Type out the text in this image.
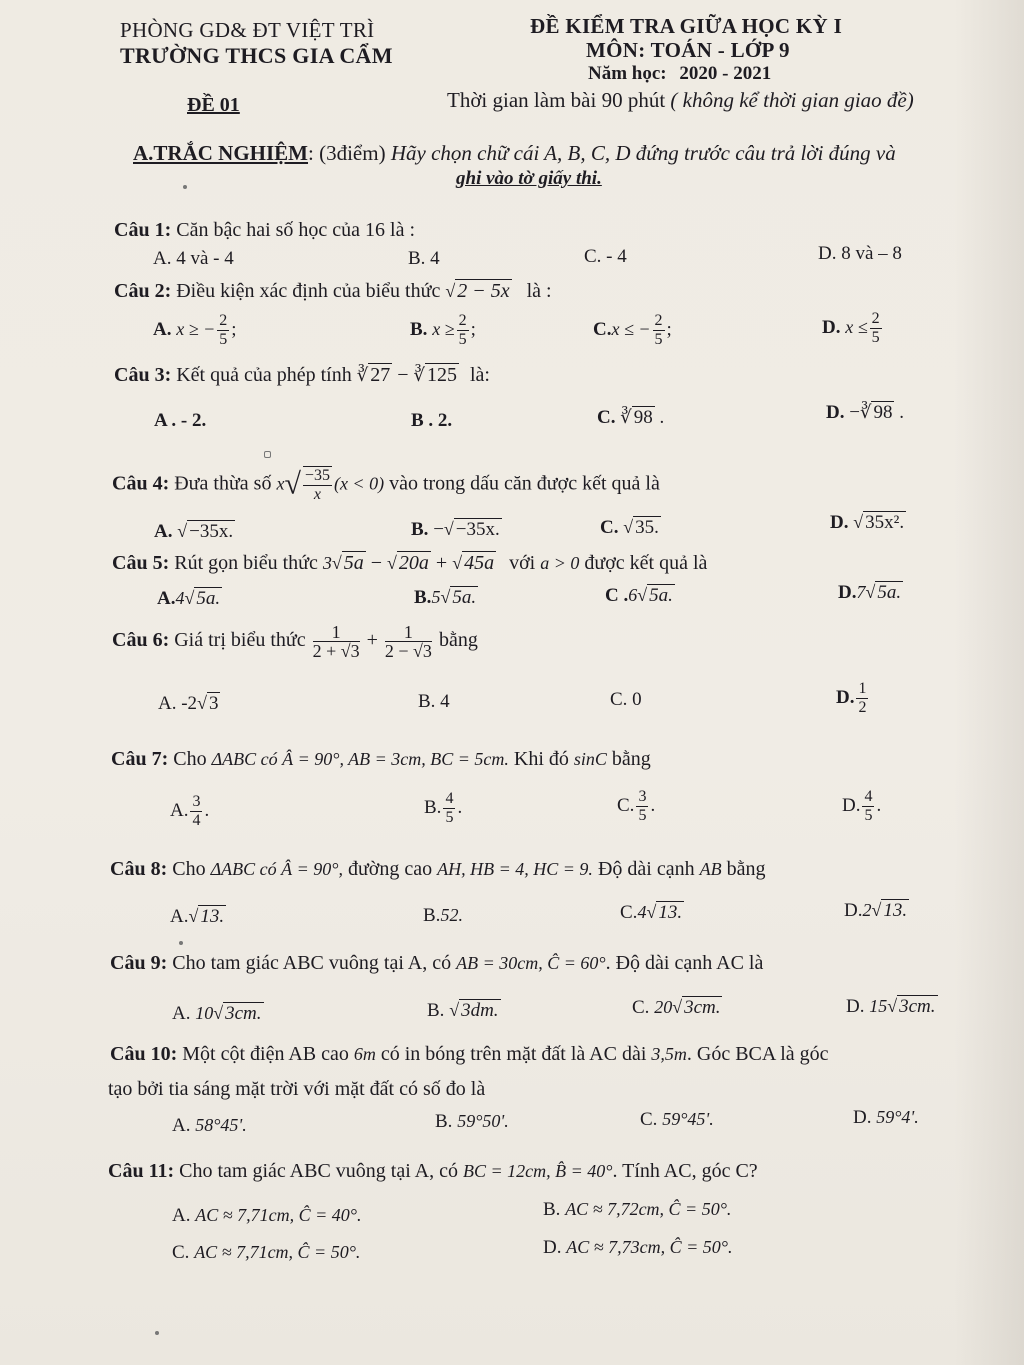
PHÒNG GD& ĐT VIỆT TRÌ
TRƯỜNG THCS GIA CẨM
ĐỀ KIỂM TRA GIỮA HỌC KỲ I
MÔN: TOÁN - LỚP 9
Năm học: 2020 - 2021
ĐỀ 01	Thời gian làm bài 90 phút ( không kể thời gian giao đề)
A.TRẮC NGHIỆM: (3điểm) Hãy chọn chữ cái A, B, C, D đứng trước câu trả lời đúng và
ghi vào tờ giấy thi.
Câu 1: Căn bậc hai số học của 16 là :
A. 4 và - 4	B. 4	C. - 4	D. 8 và – 8
Câu 2: Điều kiện xác định của biểu thức √ 2 − 5x là :
A. x ≥ − $\frac{2}{5}$ ;	B. $x \ge \frac{2}{5}$ ;	C.x ≤ − $\frac{2}{5}$ ;	D. $x \le \frac{2}{5}$
Câu 3: Kết quả của phép tính ∛ 27 − ∛ 125 là:
A . - 2.	B . 2.	C. ∛ 98 .	D. −∛ 98 .
Câu 4: Đưa thừa số $x√ \frac{-35}{x} (x < 0)$ vào trong dấu căn được kết quả là
A. √ −35x.	B. −√ −35x.	C. √ 35.	D. √ 35x².
Câu 5: Rút gọn biểu thức 3√ 5a − √ 20a + √ 45a với a > 0 được kết quả là
A.4√ 5a.	B.5√ 5a.	C .6√ 5a.	D.7√ 5a.
Câu 6: Giá trị biểu thức $\frac{1}{2 + √3} + \frac{1}{2 - √3}$ bằng
A. -2√ 3	B. 4	C. 0	D. $\frac{1}{2}$
Câu 7: Cho ΔABC có Â = 90°, AB = 3cm, BC = 5cm. Khi đó sinC bằng
A. $\frac{3}{4}$ .	B. $\frac{4}{5}$ .	C. $\frac{3}{5}$ .	D. $\frac{4}{5}$ .
Câu 8: Cho ΔABC có Â = 90°, đường cao AH, HB = 4, HC = 9. Độ dài cạnh AB bằng
A.√ 13.	B.52.	C.4√ 13.	D.2√ 13.
Câu 9: Cho tam giác ABC vuông tại A, có AB = 30cm, Ĉ = 60°. Độ dài cạnh AC là
A. 10√ 3cm.	B. √ 3dm.	C. 20√ 3cm.	D. 15√ 3cm.
Câu 10: Một cột điện AB cao 6m có in bóng trên mặt đất là AC dài 3,5m. Góc BCA là góc
tạo bởi tia sáng mặt trời với mặt đất có số đo là
A. 58°45'.	B. 59°50'.	C. 59°45'.	D. 59°4'.
Câu 11: Cho tam giác ABC vuông tại A, có BC = 12cm, B̂ = 40°. Tính AC, góc C?
A. AC ≈ 7,71cm, Ĉ = 40°.	B. AC ≈ 7,72cm, Ĉ = 50°.
C. AC ≈ 7,71cm, Ĉ = 50°.	D. AC ≈ 7,73cm, Ĉ = 50°.
